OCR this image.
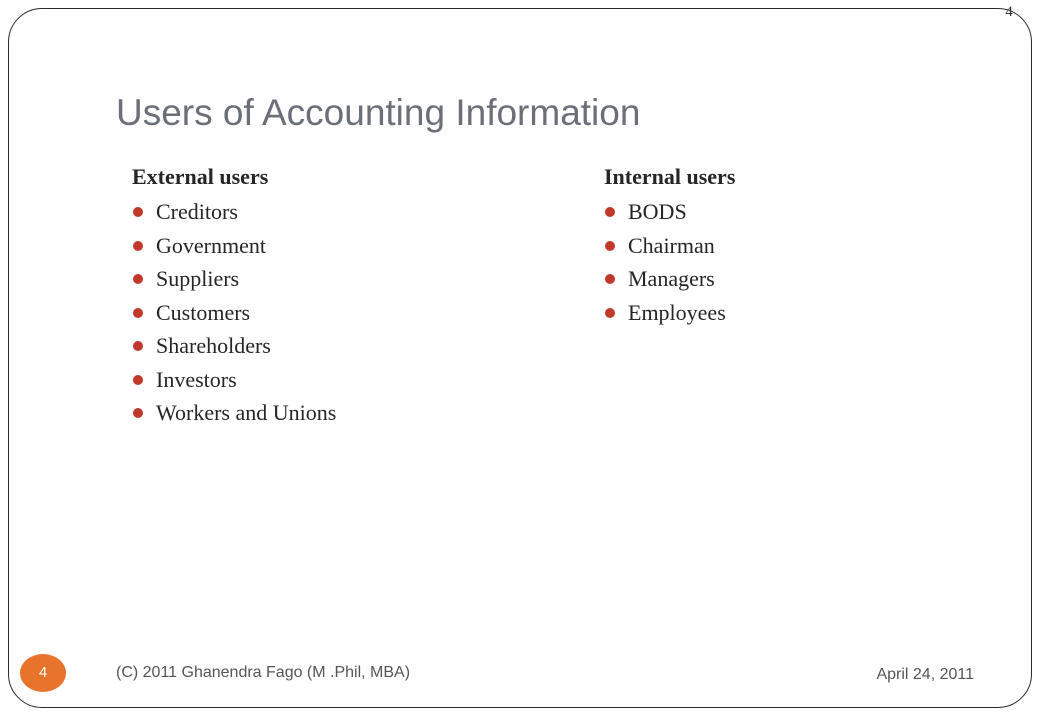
4
Users of Accounting Information
External users
Creditors
Government
Suppliers
Customers
Shareholders
Investors
Workers and Unions
Internal users
BODS
Chairman
Managers
Employees
4	(C) 2011 Ghanendra Fago (M .Phil, MBA)	April 24, 2011
